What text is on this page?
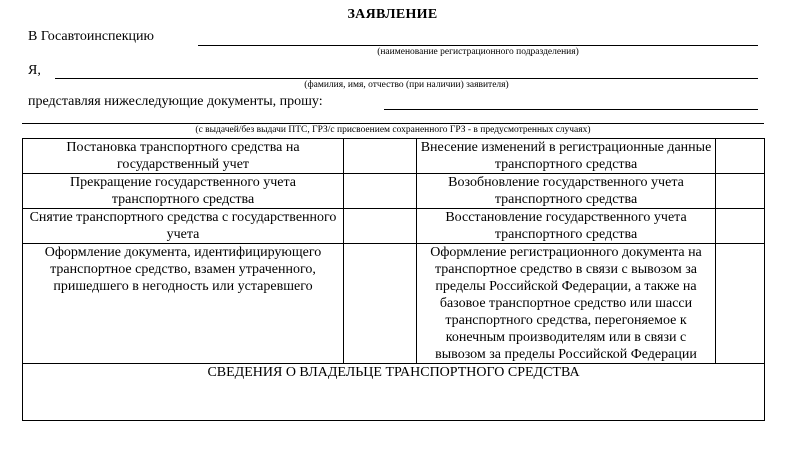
ЗАЯВЛЕНИЕ
В Госавтоинспекцию
(наименование регистрационного подразделения)
Я,
(фамилия, имя, отчество (при наличии) заявителя)
представляя нижеследующие документы, прошу:
(с выдачей/без выдачи ПТС, ГРЗ/с присвоением сохраненного ГРЗ - в предусмотренных случаях)
Постановка транспортного средства на государственный учет		Внесение изменений в регистрационные данные транспортного средства	
Прекращение государственного учета транспортного средства		Возобновление государственного учета транспортного средства	
Снятие транспортного средства с государственного учета		Восстановление государственного учета транспортного средства	
Оформление документа, идентифицирующего транспортное средство, взамен утраченного, пришедшего в негодность или устаревшего		Оформление регистрационного документа на транспортное средство в связи с вывозом за пределы Российской Федерации, а также на базовое транспортное средство или шасси транспортного средства, перегоняемое к конечным производителям или в связи с вывозом за пределы Российской Федерации	
СВЕДЕНИЯ О ВЛАДЕЛЬЦЕ ТРАНСПОРТНОГО СРЕДСТВА			
